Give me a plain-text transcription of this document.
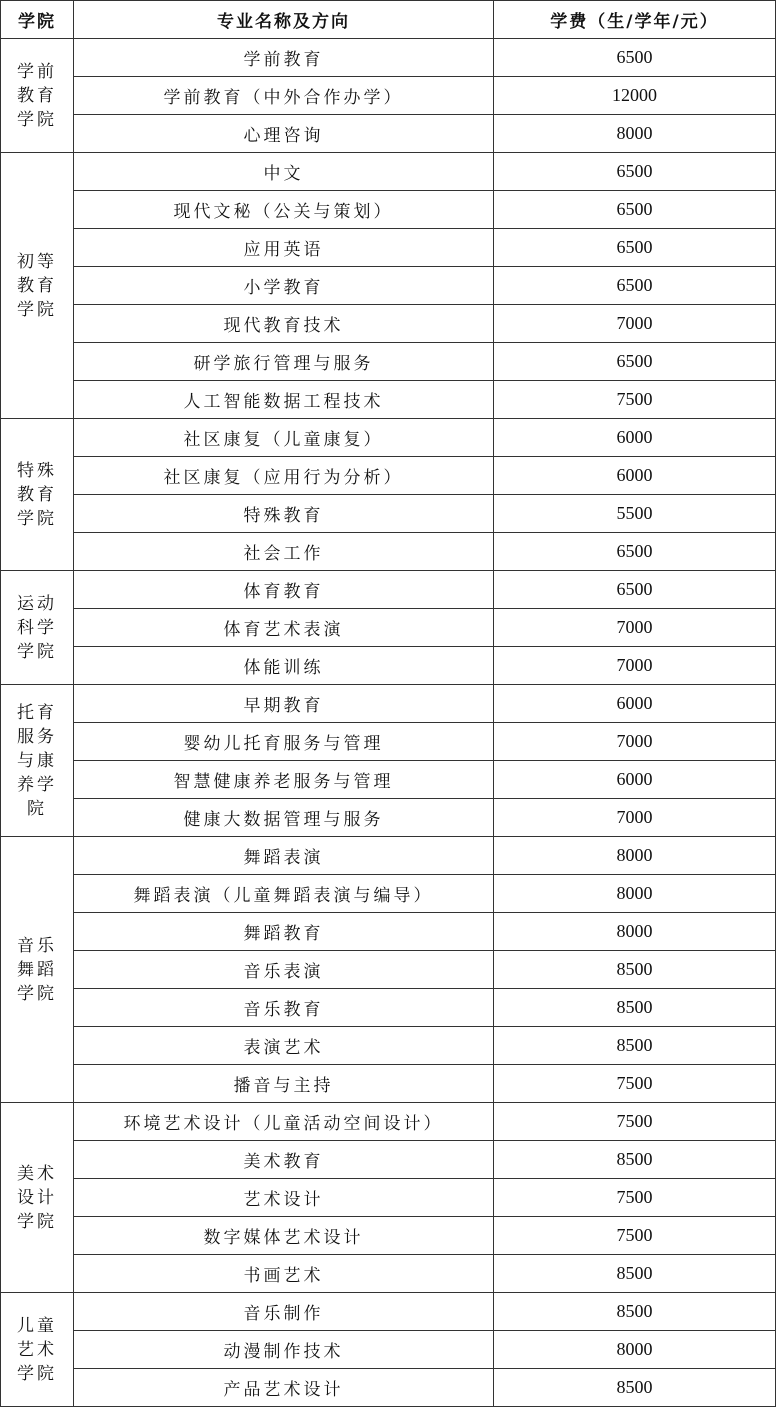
学院	专业名称及方向	学费（生/学年/元）
学前
教育
学院	学前教育	6500
	学前教育（中外合作办学）	12000
	心理咨询	8000
初等
教育
学院	中文	6500
	现代文秘（公关与策划）	6500
	应用英语	6500
	小学教育	6500
	现代教育技术	7000
	研学旅行管理与服务	6500
	人工智能数据工程技术	7500
特殊
教育
学院	社区康复（儿童康复）	6000
	社区康复（应用行为分析）	6000
	特殊教育	5500
	社会工作	6500
运动
科学
学院	体育教育	6500
	体育艺术表演	7000
	体能训练	7000
托育
服务
与康
养学
院	早期教育	6000
	婴幼儿托育服务与管理	7000
	智慧健康养老服务与管理	6000
	健康大数据管理与服务	7000
音乐
舞蹈
学院	舞蹈表演	8000
	舞蹈表演（儿童舞蹈表演与编导）	8000
	舞蹈教育	8000
	音乐表演	8500
	音乐教育	8500
	表演艺术	8500
	播音与主持	7500
美术
设计
学院	环境艺术设计（儿童活动空间设计）	7500
	美术教育	8500
	艺术设计	7500
	数字媒体艺术设计	7500
	书画艺术	8500
儿童
艺术
学院	音乐制作	8500
	动漫制作技术	8000
	产品艺术设计	8500
